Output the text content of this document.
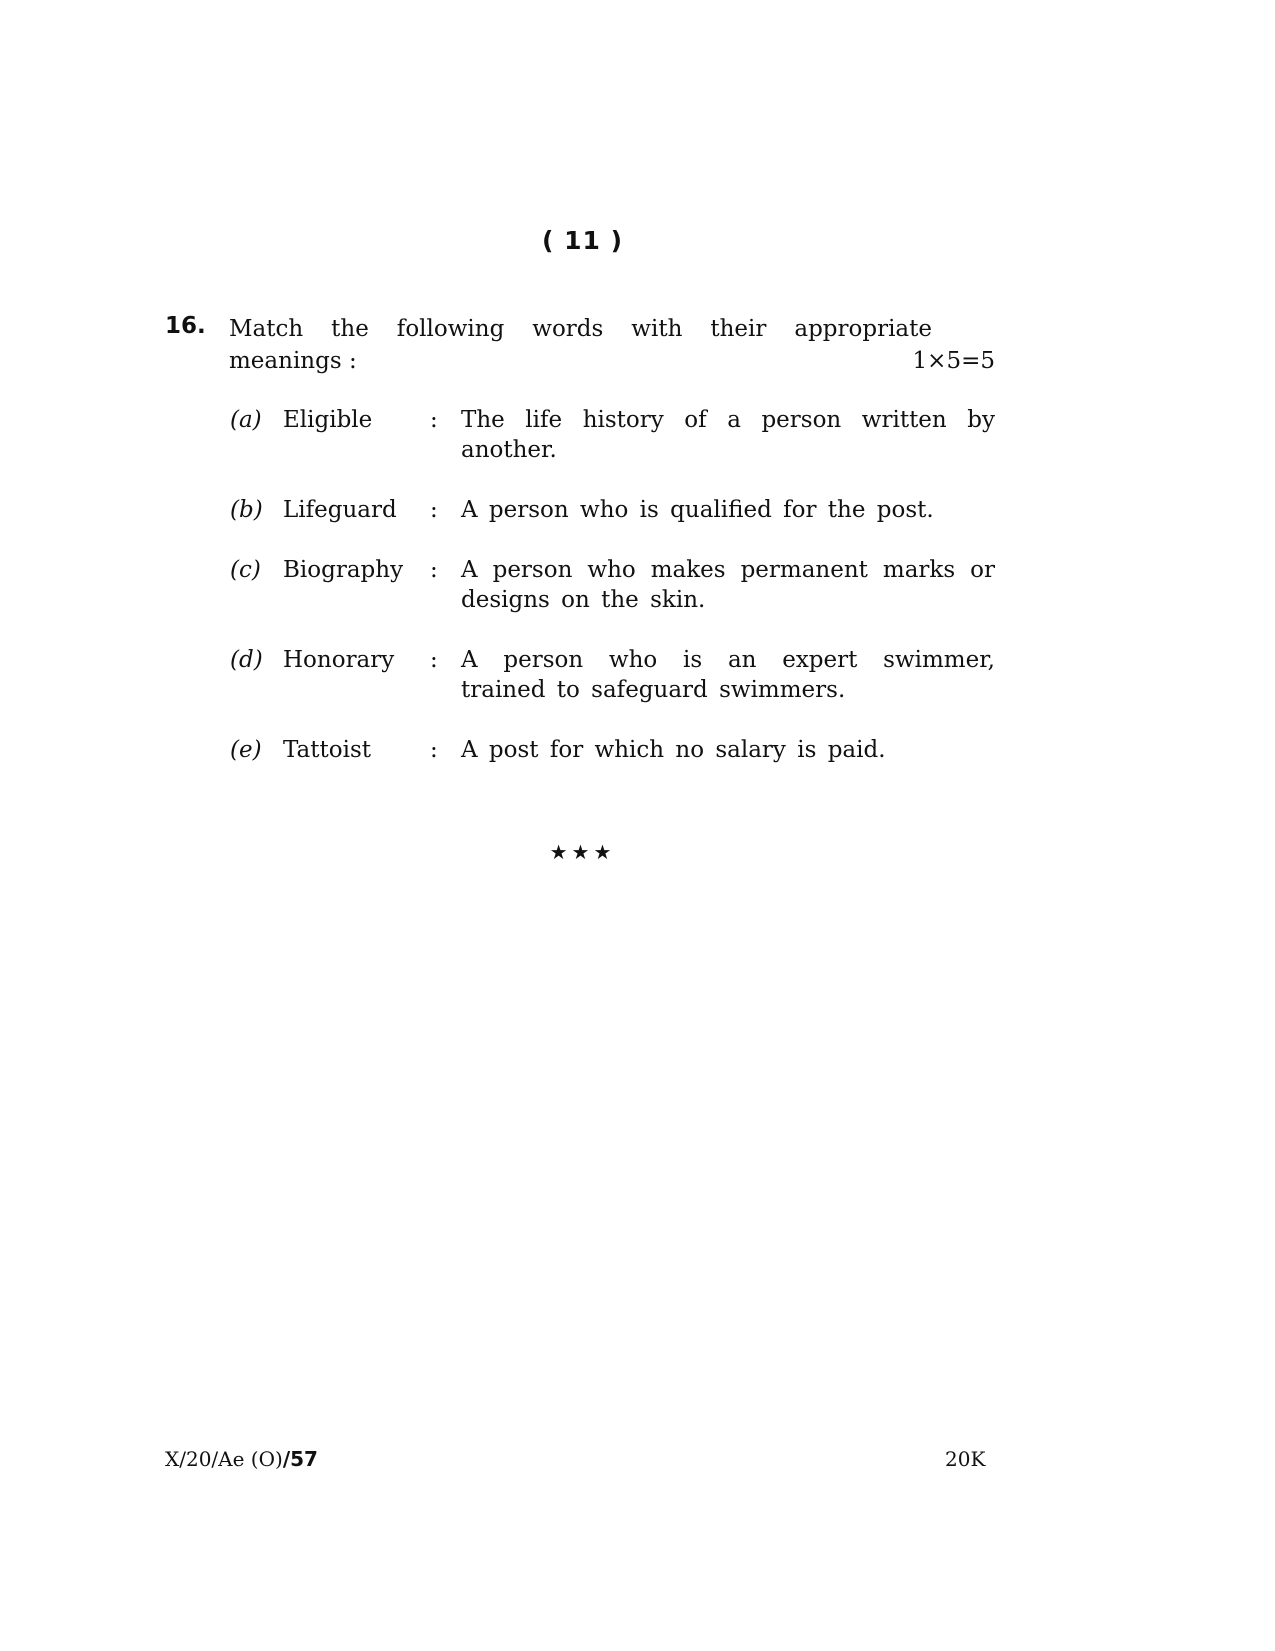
( 11 )
16. Match the following words with their appropriate
meanings :	1×5=5
(a) Eligible	: The life history of a person written by another.
(b) Lifeguard : A person who is qualified for the post.
(c) Biography : A person who makes permanent marks or designs on the skin.
(d) Honorary : A person who is an expert swimmer, trained to safeguard swimmers.
(e) Tattoist	: A post for which no salary is paid.
★★★
X/20/Ae (O)/57	20K
